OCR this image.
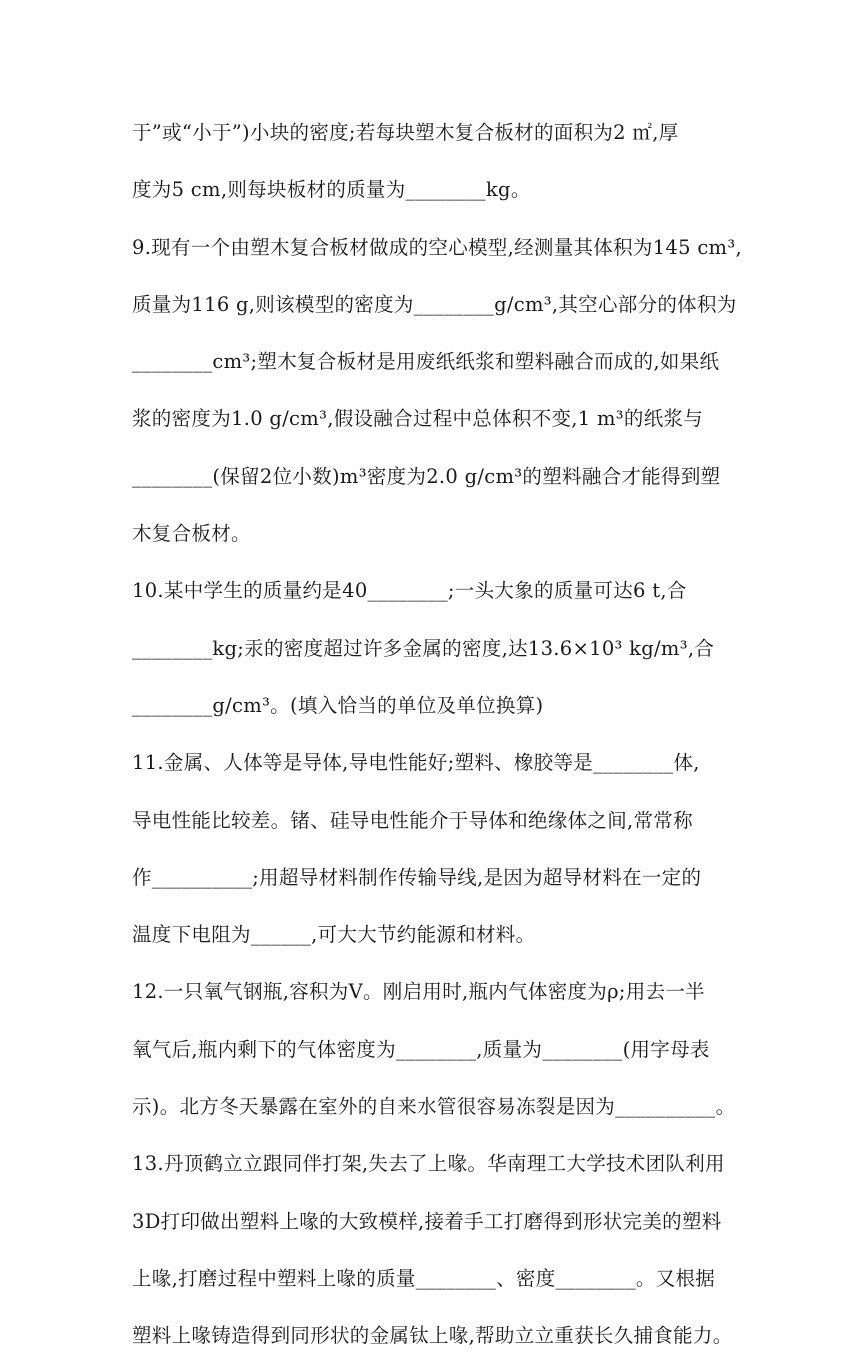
于”或“小于”)小块的密度;若每块塑木复合板材的面积为2 ㎡,厚
度为5 cm,则每块板材的质量为________kg。
9.现有一个由塑木复合板材做成的空心模型,经测量其体积为145 cm³,
质量为116 g,则该模型的密度为________g/cm³,其空心部分的体积为
________cm³;塑木复合板材是用废纸纸浆和塑料融合而成的,如果纸
浆的密度为1.0 g/cm³,假设融合过程中总体积不变,1 m³的纸浆与
________(保留2位小数)m³密度为2.0 g/cm³的塑料融合才能得到塑
木复合板材。
10.某中学生的质量约是40________;一头大象的质量可达6 t,合
________kg;汞的密度超过许多金属的密度,达13.6×10³ kg/m³,合
________g/cm³。(填入恰当的单位及单位换算)
11.金属、人体等是导体,导电性能好;塑料、橡胶等是________体,
导电性能比较差。锗、硅导电性能介于导体和绝缘体之间,常常称
作__________;用超导材料制作传输导线,是因为超导材料在一定的
温度下电阻为______,可大大节约能源和材料。
12.一只氧气钢瓶,容积为V。刚启用时,瓶内气体密度为ρ;用去一半
氧气后,瓶内剩下的气体密度为________,质量为________(用字母表
示)。北方冬天暴露在室外的自来水管很容易冻裂是因为__________。
13.丹顶鹤立立跟同伴打架,失去了上喙。华南理工大学技术团队利用
3D打印做出塑料上喙的大致模样,接着手工打磨得到形状完美的塑料
上喙,打磨过程中塑料上喙的质量________、密度________。又根据
塑料上喙铸造得到同形状的金属钛上喙,帮助立立重获长久捕食能力。
